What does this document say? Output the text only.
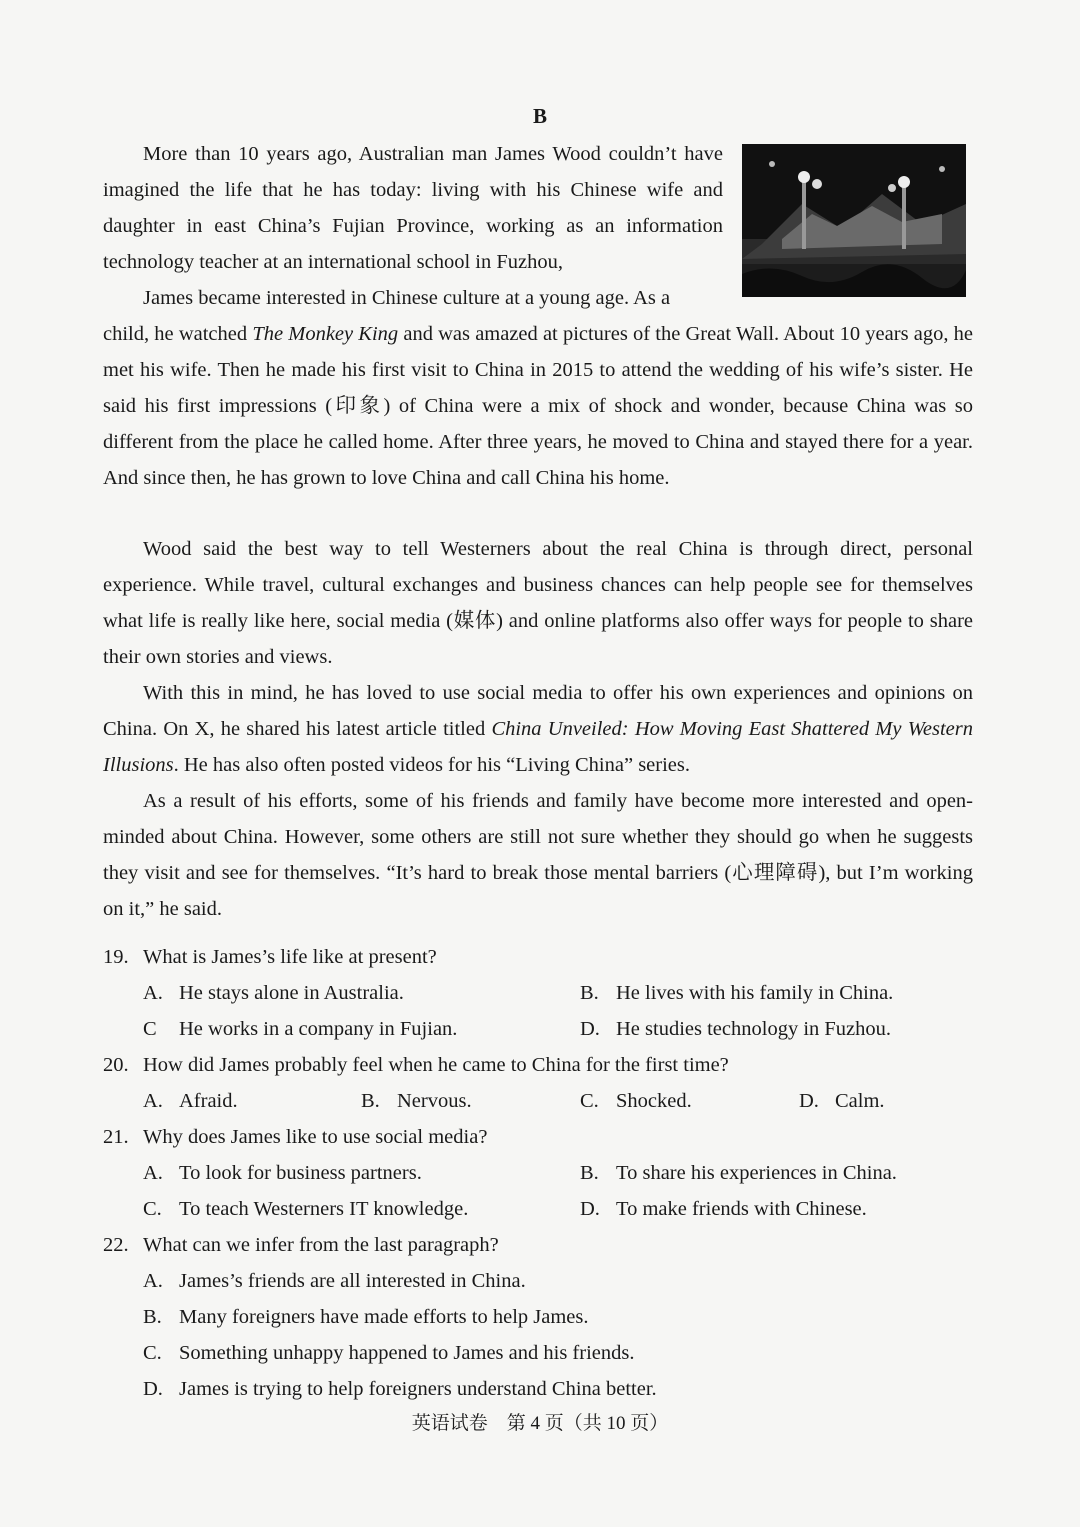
B

More than 10 years ago, Australian man James Wood couldn’t have imagined the life that he has today: living with his Chinese wife and daughter in east China’s Fujian Province, working as an information technology teacher at an international school in Fuzhou,

James became interested in Chinese culture at a young age. As a

child, he watched The Monkey King and was amazed at pictures of the Great Wall. About 10 years ago, he met his wife. Then he made his first visit to China in 2015 to attend the wedding of his wife’s sister. He said his first impressions (印象) of China were a mix of shock and wonder, because China was so different from the place he called home. After three years, he moved to China and stayed there for a year. And since then, he has grown to love China and call China his home.

Wood said the best way to tell Westerners about the real China is through direct, personal experience. While travel, cultural exchanges and business chances can help people see for themselves what life is really like here, social media (媒体) and online platforms also offer ways for people to share their own stories and views.

With this in mind, he has loved to use social media to offer his own experiences and opinions on China. On X, he shared his latest article titled China Unveiled: How Moving East Shattered My Western Illusions. He has also often posted videos for his “Living China” series.

As a result of his efforts, some of his friends and family have become more interested and open-minded about China. However, some others are still not sure whether they should go when he suggests they visit and see for themselves. “It’s hard to break those mental barriers (心理障碍), but I’m working on it,” he said.

19. What is James’s life like at present?
A. He stays alone in Australia.	B. He lives with his family in China.
C He works in a company in Fujian.	D. He studies technology in Fuzhou.
20. How did James probably feel when he came to China for the first time?
A. Afraid.	B. Nervous.	C. Shocked.	D. Calm.
21. Why does James like to use social media?
A. To look for business partners.	B. To share his experiences in China.
C. To teach Westerners IT knowledge.	D. To make friends with Chinese.
22. What can we infer from the last paragraph?
A. James’s friends are all interested in China.
B. Many foreigners have made efforts to help James.
C. Something unhappy happened to James and his friends.
D. James is trying to help foreigners understand China better.
英语试卷　第 4 页（共 10 页）
